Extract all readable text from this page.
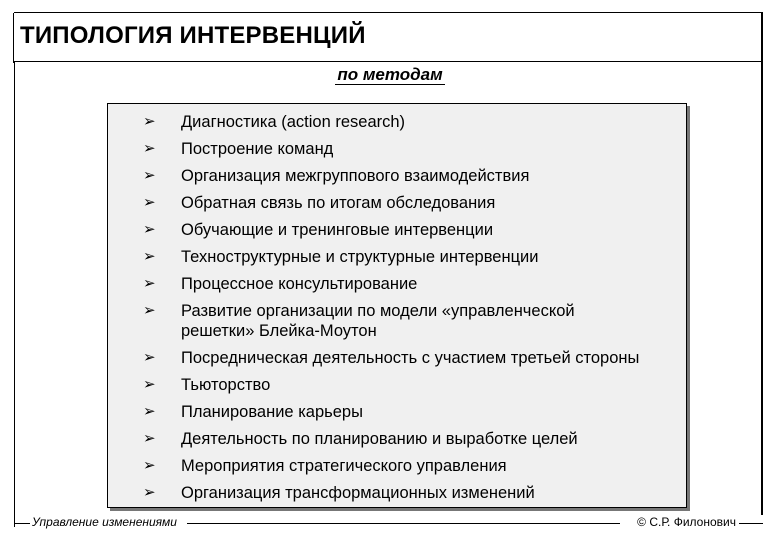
ТИПОЛОГИЯ ИНТЕРВЕНЦИЙ
по методам
➢ Диагностика (action research)
➢ Построение команд
➢ Организация межгруппового взаимодействия
➢ Обратная связь по итогам обследования
➢ Обучающие и тренинговые интервенции
➢ Техноструктурные и структурные интервенции
➢ Процессное консультирование
➢ Развитие организации по модели «управленческой решетки» Блейка-Моутон
➢ Посредническая деятельность с участием третьей стороны
➢ Тьюторство
➢ Планирование карьеры
➢ Деятельность по планированию и выработке целей
➢ Мероприятия стратегического управления
➢ Организация трансформационных изменений
Управление изменениями	© С.Р. Филонович
